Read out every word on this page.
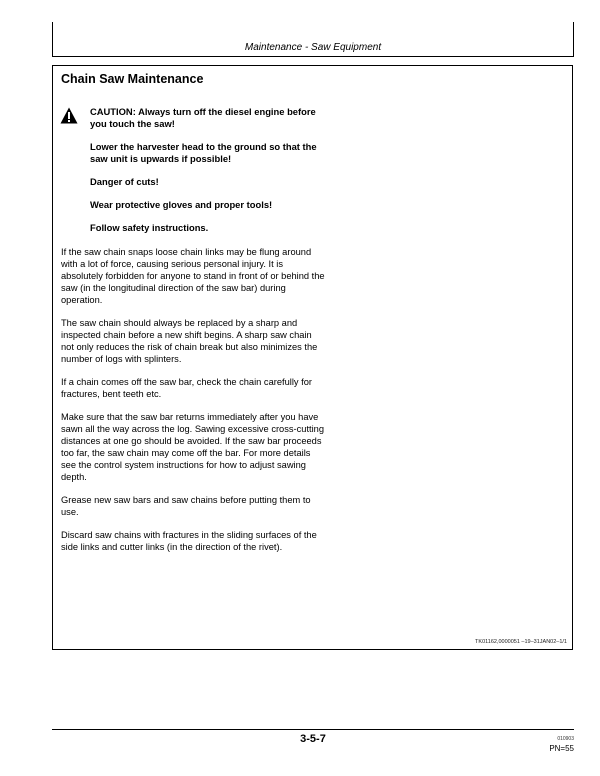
Maintenance - Saw Equipment
Chain Saw Maintenance

CAUTION: Always turn off the diesel engine before you touch the saw!

Lower the harvester head to the ground so that the saw unit is upwards if possible!

Danger of cuts!

Wear protective gloves and proper tools!

Follow safety instructions.

If the saw chain snaps loose chain links may be flung around with a lot of force, causing serious personal injury. It is absolutely forbidden for anyone to stand in front of or behind the saw (in the longitudinal direction of the saw bar) during operation.

The saw chain should always be replaced by a sharp and inspected chain before a new shift begins. A sharp saw chain not only reduces the risk of chain break but also minimizes the number of logs with splinters.

If a chain comes off the saw bar, check the chain carefully for fractures, bent teeth etc.

Make sure that the saw bar returns immediately after you have sawn all the way across the log. Sawing excessive cross-cutting distances at one go should be avoided. If the saw bar proceeds too far, the saw chain may come off the bar. For more details see the control system instructions for how to adjust sawing depth.

Grease new saw bars and saw chains before putting them to use.

Discard saw chains with fractures in the sliding surfaces of the side links and cutter links (in the direction of the rivet).

TK01162,0000051 –19–31JAN02–1/1
3-5-7	010903
PN=55
